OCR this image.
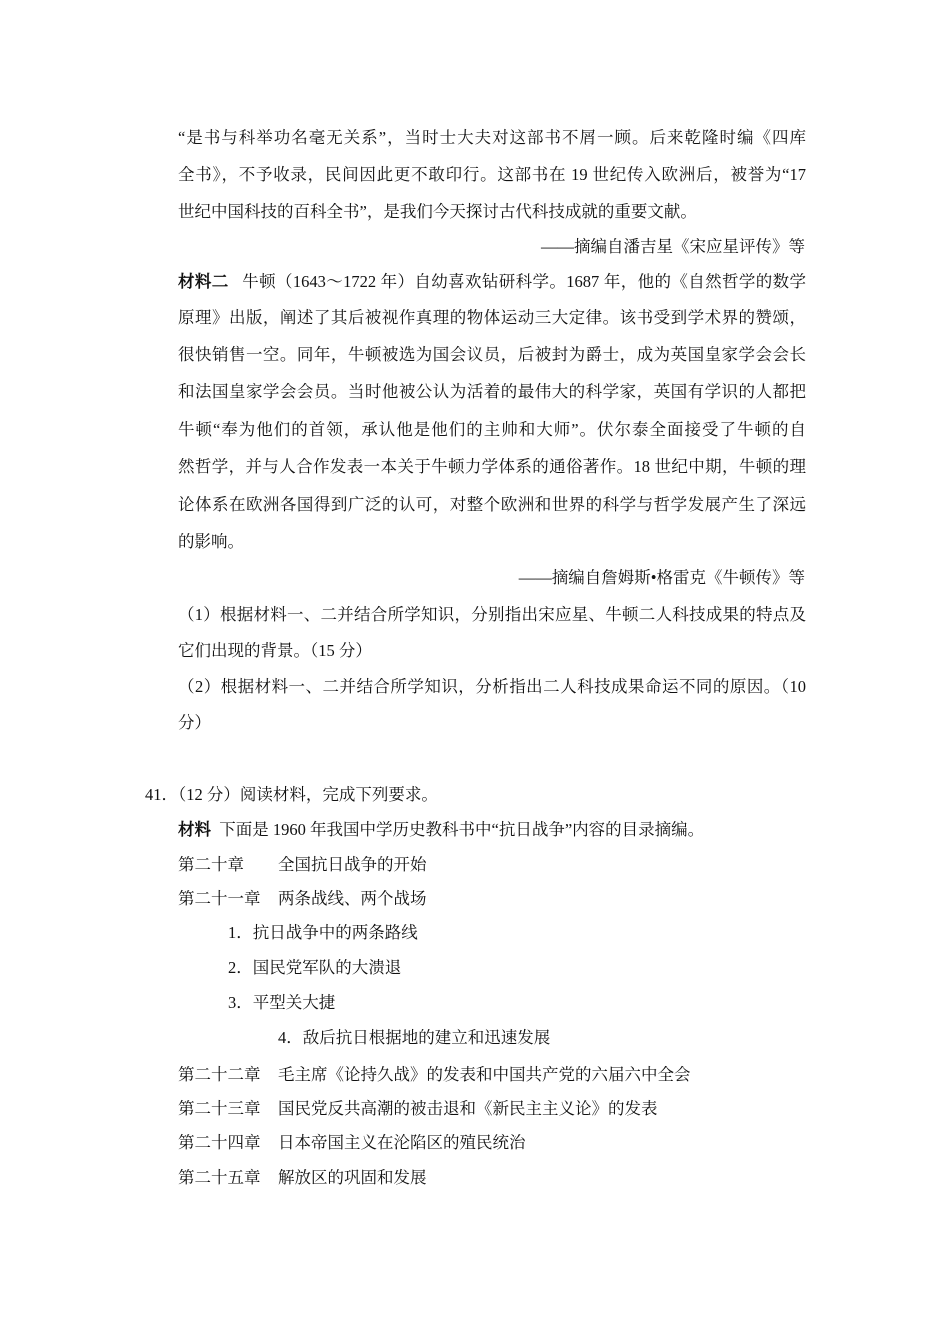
“是书与科举功名毫无关系”，当时士大夫对这部书不屑一顾。后来乾隆时编《四库
全书》，不予收录，民间因此更不敢印行。这部书在 19 世纪传入欧洲后，被誉为“17
世纪中国科技的百科全书”，是我们今天探讨古代科技成就的重要文献。
——摘编自潘吉星《宋应星评传》等
材料二 牛顿（1643～1722 年）自幼喜欢钻研科学。1687 年，他的《自然哲学的数学
原理》出版，阐述了其后被视作真理的物体运动三大定律。该书受到学术界的赞颂，
很快销售一空。同年，牛顿被选为国会议员，后被封为爵士，成为英国皇家学会会长
和法国皇家学会会员。当时他被公认为活着的最伟大的科学家，英国有学识的人都把
牛顿“奉为他们的首领，承认他是他们的主帅和大师”。伏尔泰全面接受了牛顿的自
然哲学，并与人合作发表一本关于牛顿力学体系的通俗著作。18 世纪中期，牛顿的理
论体系在欧洲各国得到广泛的认可，对整个欧洲和世界的科学与哲学发展产生了深远
的影响。
——摘编自詹姆斯•格雷克《牛顿传》等
（1）根据材料一、二并结合所学知识，分别指出宋应星、牛顿二人科技成果的特点及
它们出现的背景。（15 分）
（2）根据材料一、二并结合所学知识，分析指出二人科技成果命运不同的原因。（10
分）
41．（12 分）阅读材料，完成下列要求。
材料 下面是 1960 年我国中学历史教科书中“抗日战争”内容的目录摘编。
第二十章 全国抗日战争的开始
第二十一章 两条战线、两个战场
1．抗日战争中的两条路线
2．国民党军队的大溃退
3．平型关大捷
4．敌后抗日根据地的建立和迅速发展
第二十二章 毛主席《论持久战》的发表和中国共产党的六届六中全会
第二十三章 国民党反共高潮的被击退和《新民主主义论》的发表
第二十四章 日本帝国主义在沦陷区的殖民统治
第二十五章 解放区的巩固和发展
